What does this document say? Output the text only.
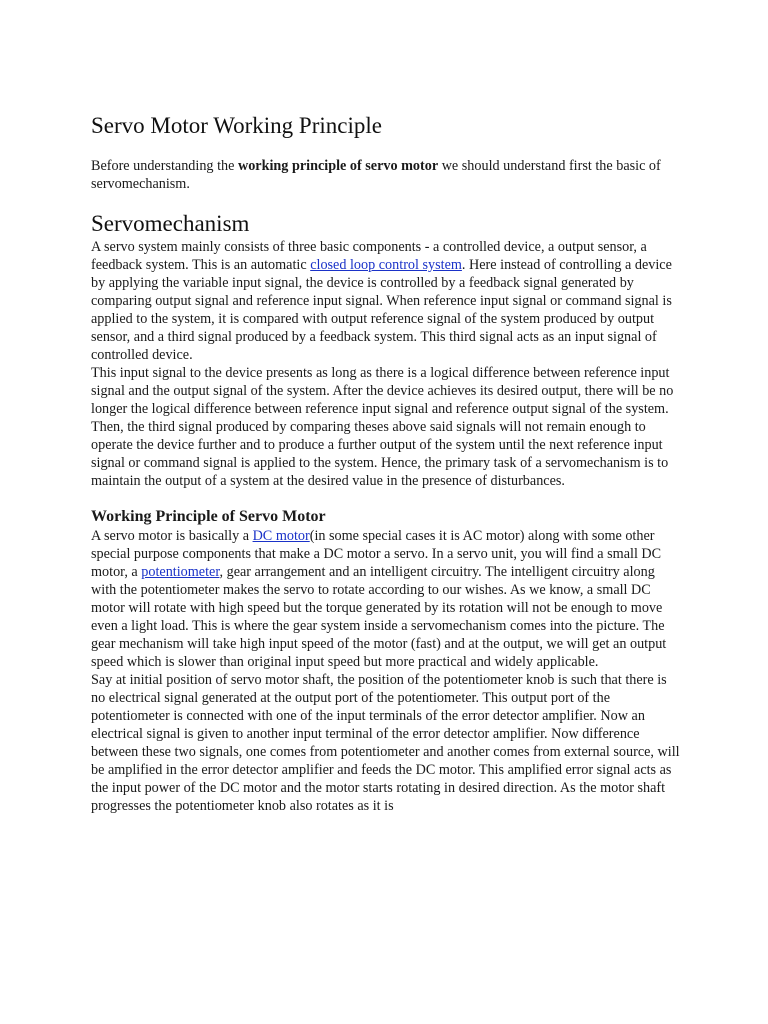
Servo Motor Working Principle

Before understanding the working principle of servo motor we should understand first the basic of servomechanism.

Servomechanism

A servo system mainly consists of three basic components - a controlled device, a output sensor, a feedback system. This is an automatic closed loop control system. Here instead of controlling a device by applying the variable input signal, the device is controlled by a feedback signal generated by comparing output signal and reference input signal. When reference input signal or command signal is applied to the system, it is compared with output reference signal of the system produced by output sensor, and a third signal produced by a feedback system. This third signal acts as an input signal of controlled device.

This input signal to the device presents as long as there is a logical difference between reference input signal and the output signal of the system. After the device achieves its desired output, there will be no longer the logical difference between reference input signal and reference output signal of the system. Then, the third signal produced by comparing theses above said signals will not remain enough to operate the device further and to produce a further output of the system until the next reference input signal or command signal is applied to the system. Hence, the primary task of a servomechanism is to maintain the output of a system at the desired value in the presence of disturbances.

Working Principle of Servo Motor

A servo motor is basically a DC motor(in some special cases it is AC motor) along with some other special purpose components that make a DC motor a servo. In a servo unit, you will find a small DC motor, a potentiometer, gear arrangement and an intelligent circuitry. The intelligent circuitry along with the potentiometer makes the servo to rotate according to our wishes. As we know, a small DC motor will rotate with high speed but the torque generated by its rotation will not be enough to move even a light load. This is where the gear system inside a servomechanism comes into the picture. The gear mechanism will take high input speed of the motor (fast) and at the output, we will get an output speed which is slower than original input speed but more practical and widely applicable.

Say at initial position of servo motor shaft, the position of the potentiometer knob is such that there is no electrical signal generated at the output port of the potentiometer. This output port of the potentiometer is connected with one of the input terminals of the error detector amplifier. Now an electrical signal is given to another input terminal of the error detector amplifier. Now difference between these two signals, one comes from potentiometer and another comes from external source, will be amplified in the error detector amplifier and feeds the DC motor. This amplified error signal acts as the input power of the DC motor and the motor starts rotating in desired direction. As the motor shaft progresses the potentiometer knob also rotates as it is
